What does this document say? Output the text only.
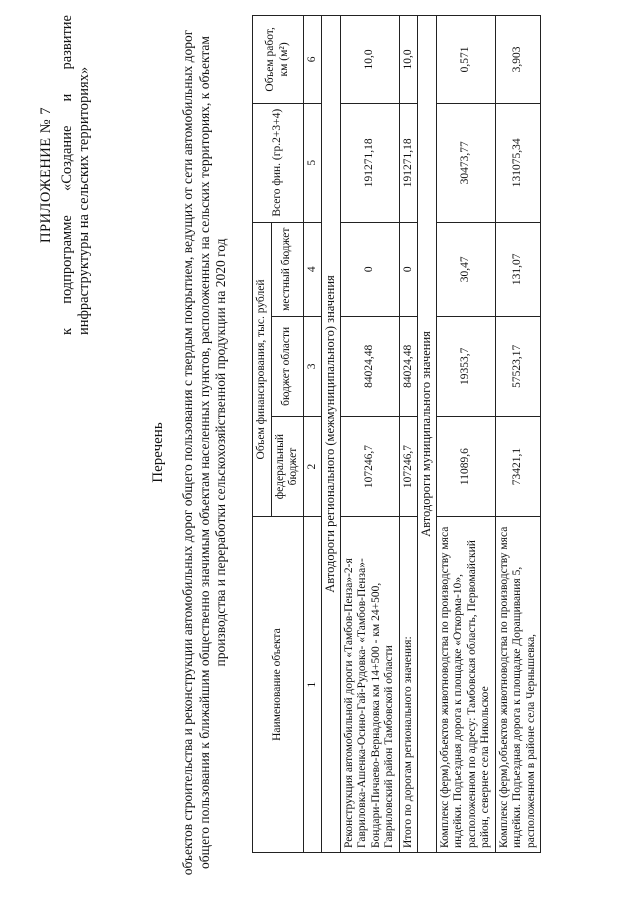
ПРИЛОЖЕНИЕ № 7 к подпрограмме «Создание и развитие инфраструктуры на сельских территориях»
Перечень объектов строительства и реконструкции автомобильных дорог общего пользования с твердым покрытием, ведущих от сети автомобильных дорог общего пользования к ближайшим общественно значимым объектам населенных пунктов, расположенных на сельских территориях, к объектам производства и переработки сельскохозяйственной продукции на 2020 год
Наименование объекта	Объем финансирования, тыс. рублей			Всего фин. (гр.2+3+4)	Объем работ, км (м²)
	федеральный бюджет	бюджет области	местный бюджет		
1	2	3	4	5	6
Автодороги регионального (межмуниципального) значения					
Реконструкция автомобильной дороги «Тамбов-Пенза»-2-я Гавриловка-Ашенка-Осино-Гай-Рудовка- «Тамбов-Пенза»-Бондари-Пичаево-Вернадовка км 14+500 - км 24+500, Гавриловский район Тамбовской области	107246,7	84024,48	0	191271,18	10,0
Итого по дорогам регионального значения:	107246,7	84024,48	0	191271,18	10,0
Автодороги муниципального значения					
Комплекс (ферм),объектов животноводства по производству мяса индейки. Подъездная дорога к площадке «Откорма-10», расположенном по адресу: Тамбовская область, Первомайский район, севернее села Никольское	11089,6	19353,7	30,47	30473,77	0,571
Комплекс (ферм),объектов животноводства по производству мяса индейки. Подъездная дорога к площадке Доращивания 5, расположенном в районе села Чернышевка,	73421,1	57523,17	131,07	131075,34	3,903
